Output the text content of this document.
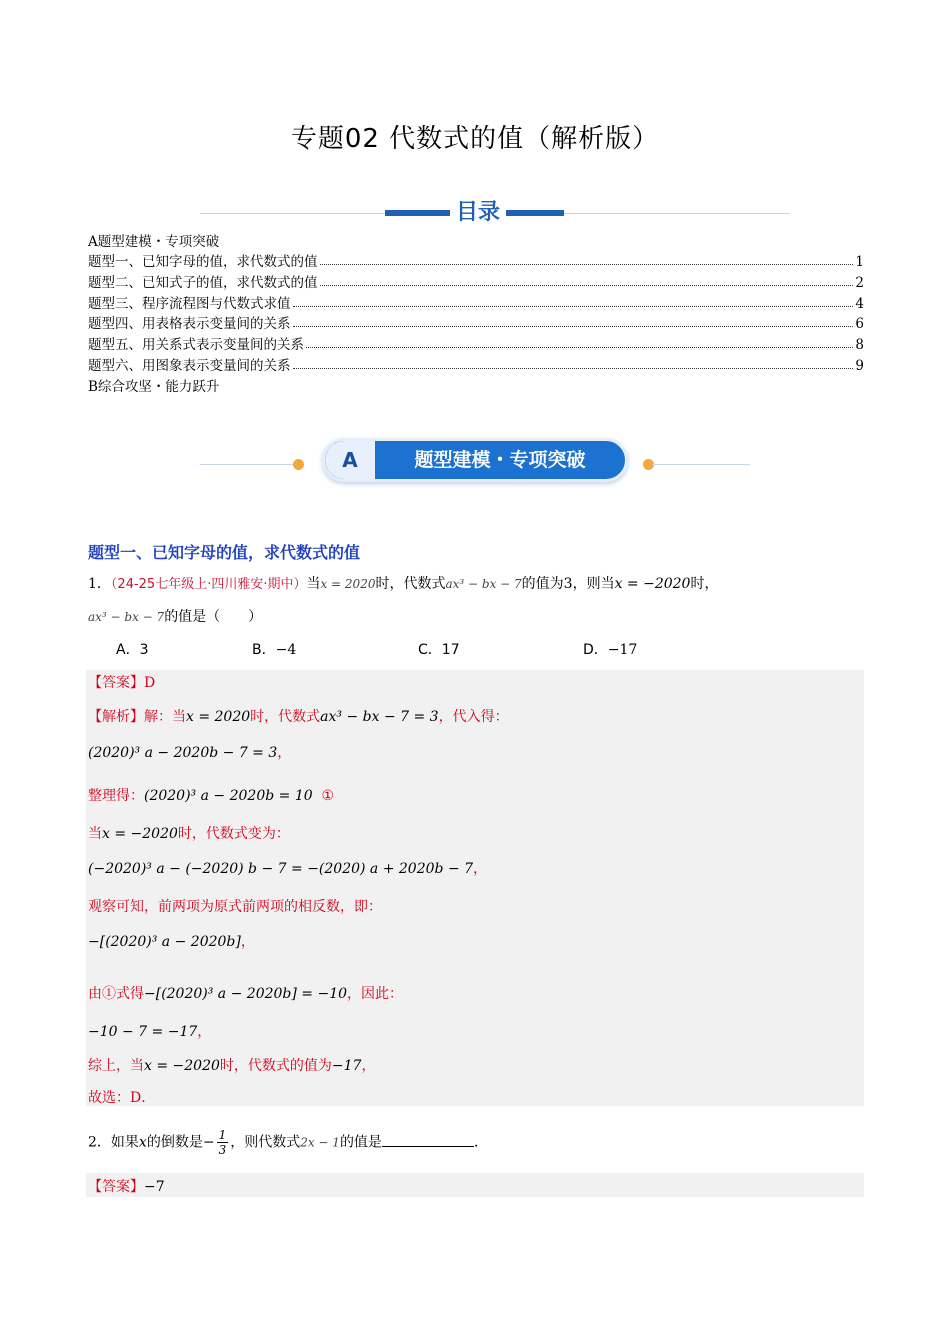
专题02 代数式的值（解析版）
目录
A题型建模・专项突破
题型一、已知字母的值，求代数式的值	1
题型二、已知式子的值，求代数式的值	2
题型三、程序流程图与代数式求值	4
题型四、用表格表示变量间的关系	6
题型五、用关系式表示变量间的关系	8
题型六、用图象表示变量间的关系	9
B综合攻坚・能力跃升
A	题型建模・专项突破
题型一、已知字母的值，求代数式的值
1．（24-25七年级上·四川雅安·期中）当x = 2020时，代数式ax³ − bx − 7的值为3，则当x = −2020时，
ax³ − bx − 7的值是（　　）
A．3	B．−4	C．17	D．−17
【答案】D
【解析】解：当x = 2020时，代数式ax³ − bx − 7 = 3，代入得：
(2020)³ a − 2020b − 7 = 3，
整理得：(2020)³ a − 2020b = 10 ①
当x = −2020时，代数式变为：
(−2020)³ a − (−2020) b − 7 = −(2020) a + 2020b − 7，
观察可知，前两项为原式前两项的相反数，即：
−[(2020)³ a − 2020b]，
由①式得−[(2020)³ a − 2020b] = −10，因此：
−10 − 7 = −17，
综上，当x = −2020时，代数式的值为−17，
故选：D．
2．如果x的倒数是− $\frac{1}{3}$ ，则代数式2x − 1的值是	．
【答案】−7
